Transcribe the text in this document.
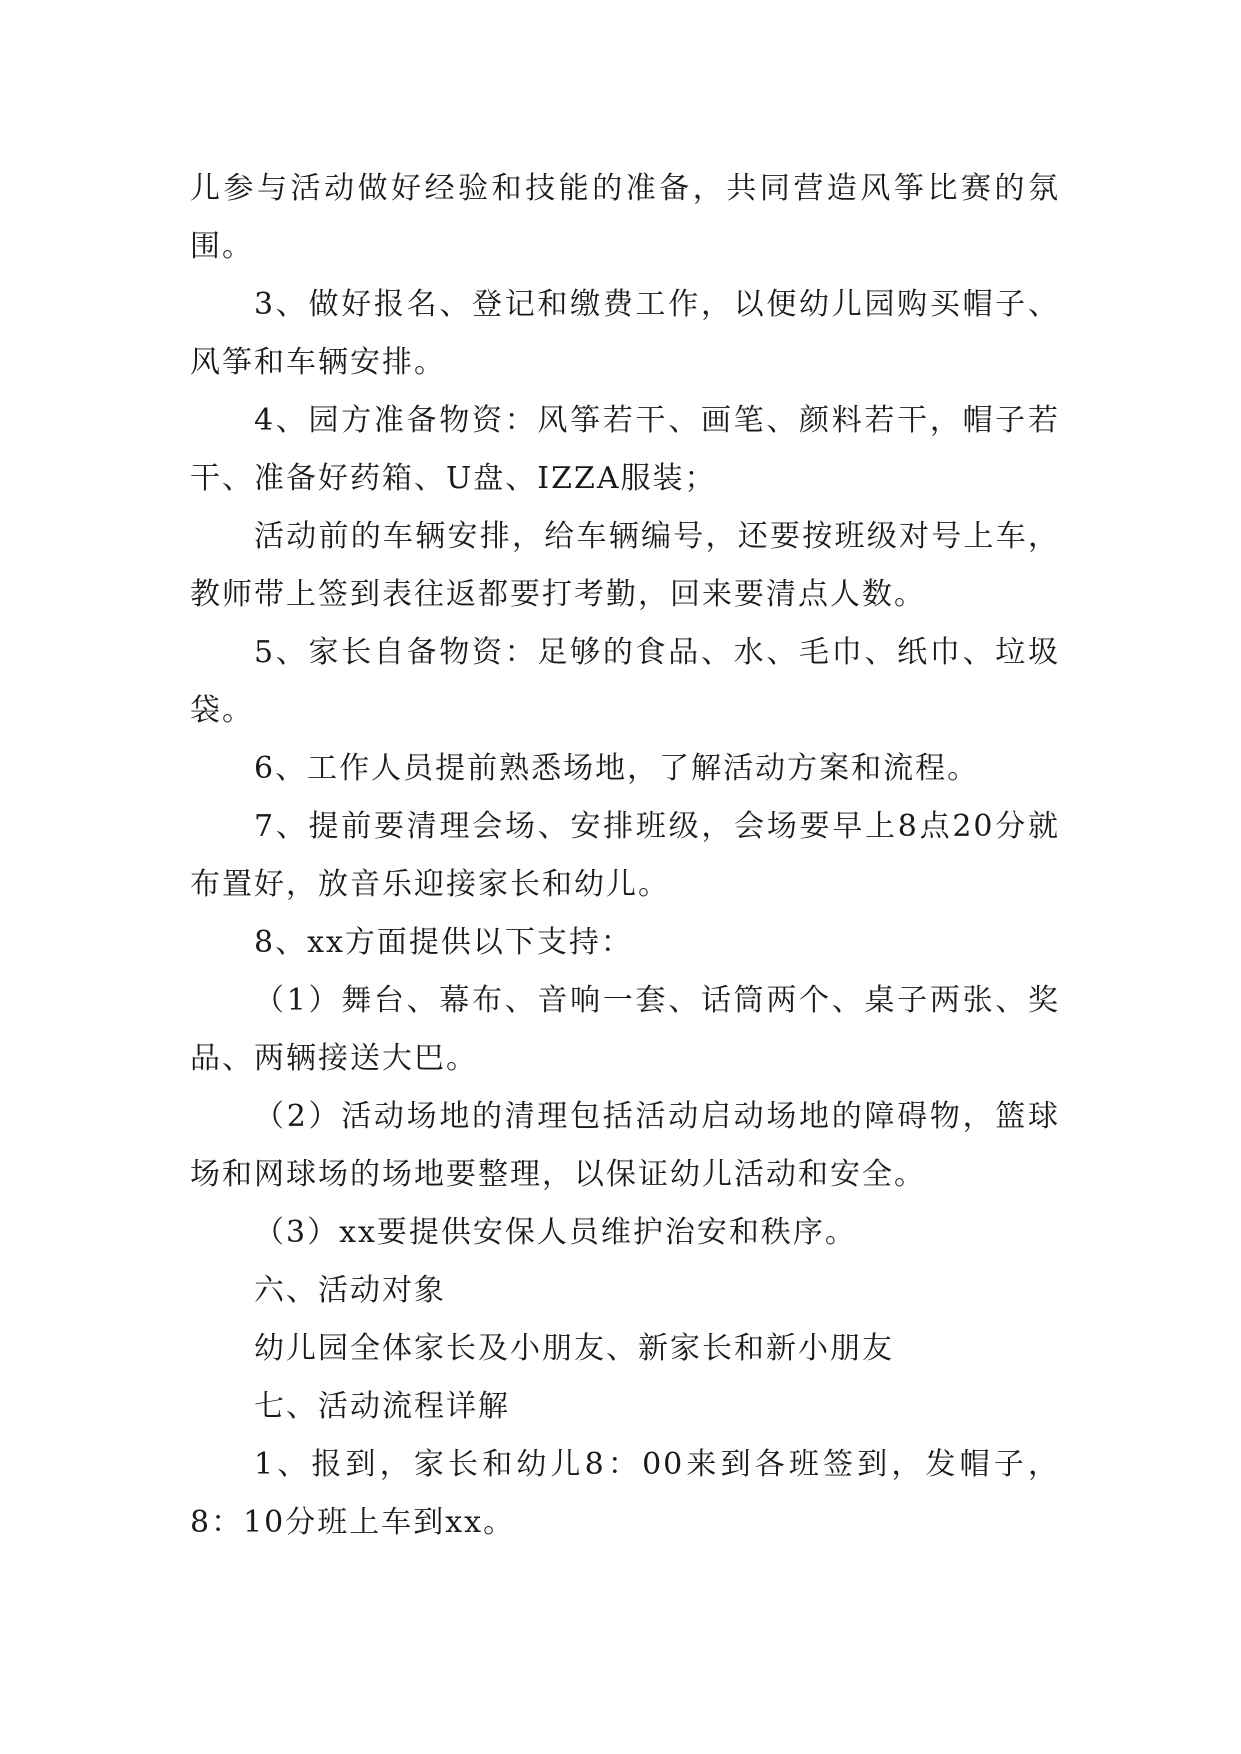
儿参与活动做好经验和技能的准备，共同营造风筝比赛的氛围。

3、做好报名、登记和缴费工作，以便幼儿园购买帽子、风筝和车辆安排。

4、园方准备物资：风筝若干、画笔、颜料若干，帽子若干、准备好药箱、U盘、IZZA服装；

活动前的车辆安排，给车辆编号，还要按班级对号上车，教师带上签到表往返都要打考勤，回来要清点人数。

5、家长自备物资：足够的食品、水、毛巾、纸巾、垃圾袋。

6、工作人员提前熟悉场地，了解活动方案和流程。

7、提前要清理会场、安排班级，会场要早上8点20分就布置好，放音乐迎接家长和幼儿。

8、xx方面提供以下支持：

（1）舞台、幕布、音响一套、话筒两个、桌子两张、奖品、两辆接送大巴。

（2）活动场地的清理包括活动启动场地的障碍物，篮球场和网球场的场地要整理，以保证幼儿活动和安全。

（3）xx要提供安保人员维护治安和秩序。

六、活动对象

幼儿园全体家长及小朋友、新家长和新小朋友

七、活动流程详解

1、报到，家长和幼儿8：00来到各班签到，发帽子，8：10分班上车到xx。
